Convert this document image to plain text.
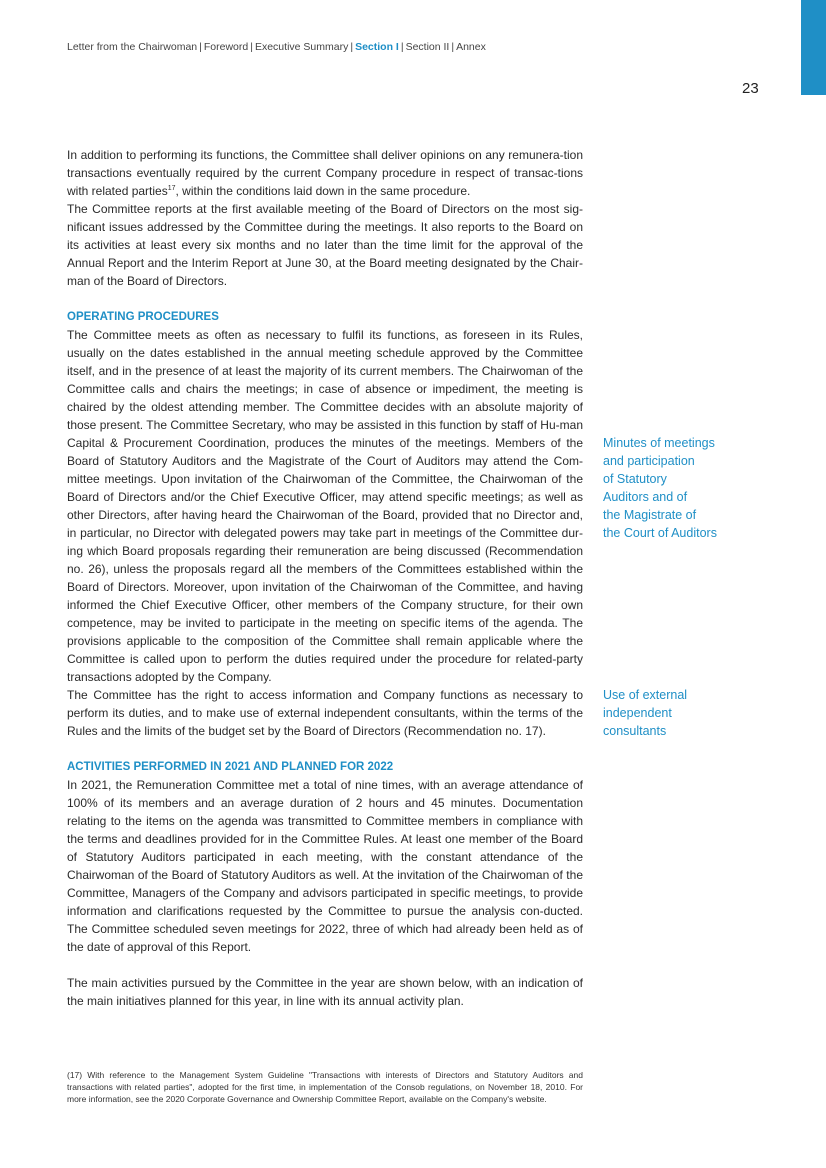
Letter from the Chairwoman | Foreword | Executive Summary | Section I | Section II | Annex
23

In addition to performing its functions, the Committee shall deliver opinions on any remunera-tion transactions eventually required by the current Company procedure in respect of transac-tions with related parties$^{17}$, within the conditions laid down in the same procedure.

The Committee reports at the first available meeting of the Board of Directors on the most sig-nificant issues addressed by the Committee during the meetings. It also reports to the Board on its activities at least every six months and no later than the time limit for the approval of the Annual Report and the Interim Report at June 30, at the Board meeting designated by the Chair-man of the Board of Directors.

OPERATING PROCEDURES

The Committee meets as often as necessary to fulfil its functions, as foreseen in its Rules, usually on the dates established in the annual meeting schedule approved by the Committee itself, and in the presence of at least the majority of its current members. The Chairwoman of the Committee calls and chairs the meetings; in case of absence or impediment, the meeting is chaired by the oldest attending member. The Committee decides with an absolute majority of those present. The Committee Secretary, who may be assisted in this function by staff of Hu-man Capital & Procurement Coordination, produces the minutes of the meetings. Members of the Board of Statutory Auditors and the Magistrate of the Court of Auditors may attend the Com-mittee meetings. Upon invitation of the Chairwoman of the Committee, the Chairwoman of the Board of Directors and/or the Chief Executive Officer, may attend specific meetings; as well as other Directors, after having heard the Chairwoman of the Board, provided that no Director and, in particular, no Director with delegated powers may take part in meetings of the Committee dur-ing which Board proposals regarding their remuneration are being discussed (Recommendation no. 26), unless the proposals regard all the members of the Committees established within the Board of Directors. Moreover, upon invitation of the Chairwoman of the Committee, and having informed the Chief Executive Officer, other members of the Company structure, for their own competence, may be invited to participate in the meeting on specific items of the agenda. The provisions applicable to the composition of the Committee shall remain applicable where the Committee is called upon to perform the duties required under the procedure for related-party transactions adopted by the Company.

The Committee has the right to access information and Company functions as necessary to perform its duties, and to make use of external independent consultants, within the terms of the Rules and the limits of the budget set by the Board of Directors (Recommendation no. 17).

ACTIVITIES PERFORMED IN 2021 AND PLANNED FOR 2022

In 2021, the Remuneration Committee met a total of nine times, with an average attendance of 100% of its members and an average duration of 2 hours and 45 minutes. Documentation relating to the items on the agenda was transmitted to Committee members in compliance with the terms and deadlines provided for in the Committee Rules. At least one member of the Board of Statutory Auditors participated in each meeting, with the constant attendance of the Chairwoman of the Board of Statutory Auditors as well. At the invitation of the Chairwoman of the Committee, Managers of the Company and advisors participated in specific meetings, to provide information and clarifications requested by the Committee to pursue the analysis con-ducted. The Committee scheduled seven meetings for 2022, three of which had already been held as of the date of approval of this Report.

The main activities pursued by the Committee in the year are shown below, with an indication of the main initiatives planned for this year, in line with its annual activity plan.

Minutes of meetings
and participation
of Statutory
Auditors and of
the Magistrate of
the Court of Auditors
Use of external
independent
consultants
(17) With reference to the Management System Guideline "Transactions with interests of Directors and Statutory Auditors and transactions with related parties", adopted for the first time, in implementation of the Consob regulations, on November 18, 2010. For more information, see the 2020 Corporate Governance and Ownership Committee Report, available on the Company's website.
